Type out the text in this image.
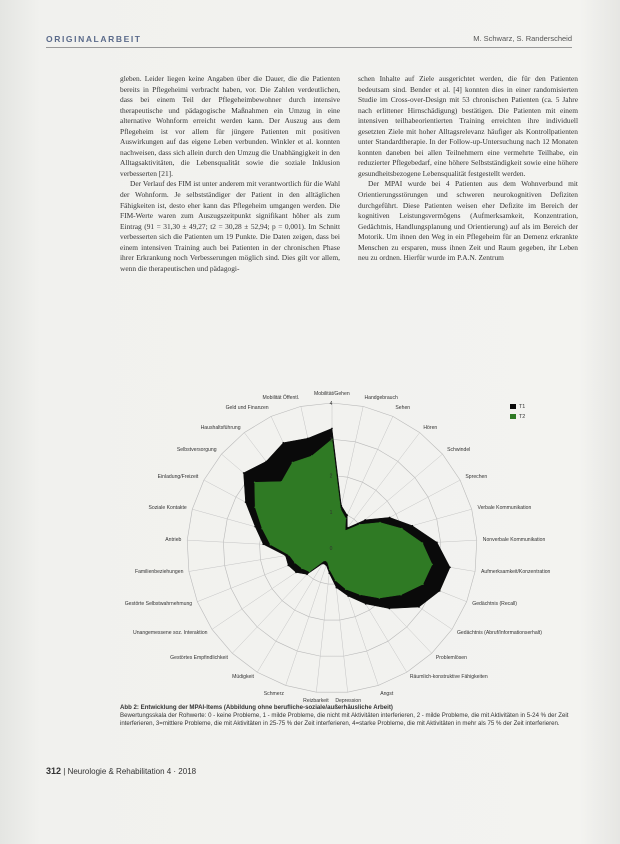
ORIGINALARBEIT	M. Schwarz, S. Randerscheid

gleben. Leider liegen keine Angaben über die Dauer, die die Patienten bereits in Pflegeheimi verbracht haben, vor. Die Zahlen verdeutlichen, dass bei einem Teil der Pflegeheimbewohner durch intensive therapeutische und pädagogische Maßnahmen ein Umzug in eine alternative Wohnform erreicht werden kann. Der Auszug aus dem Pflegeheim ist vor allem für jüngere Patienten mit positiven Auswirkungen auf das eigene Leben verbunden. Winkler et al. konnten nachweisen, dass sich allein durch den Umzug die Unabhängigkeit in den Alltagsaktivitäten, die Lebensqualität sowie die soziale Inklusion verbesserten [21].

Der Verlauf des FIM ist unter anderem mit verantwortlich für die Wahl der Wohnform. Je selbstständiger der Patient in den alltäglichen Fähigkeiten ist, desto eher kann das Pflegeheim umgangen werden. Die FIM-Werte waren zum Auszugszeitpunkt signifikant höher als zum Eintrag (91 = 31,30 ± 49,27; t2 = 30,28 ± 52,94; p = 0,001). Im Schnitt verbesserten sich die Patienten um 19 Punkte. Die Daten zeigen, dass bei einem intensiven Training auch bei Patienten in der chronischen Phase ihrer Erkrankung noch Verbesserungen möglich sind. Dies gilt vor allem, wenn die therapeutischen und pädagogi-

schen Inhalte auf Ziele ausgerichtet werden, die für den Patienten bedeutsam sind. Bender et al. [4] konnten dies in einer randomisierten Studie im Cross-over-Design mit 53 chronischen Patienten (ca. 5 Jahre nach erlittener Hirnschädigung) bestätigen. Die Patienten mit einem intensiven teilhabeorientierten Training erreichten ihre individuell gesetzten Ziele mit hoher Alltagsrelevanz häufiger als Kontrollpatienten unter Standardtherapie. In der Follow-up-Untersuchung nach 12 Monaten konnten daneben bei allen Teilnehmern eine vermehrte Teilhabe, ein reduzierter Pflegebedarf, eine höhere Selbstständigkeit sowie eine höhere gesundheitsbezogene Lebensqualität festgestellt werden.

Der MPAI wurde bei 4 Patienten aus dem Wohnverbund mit Orientierungsstörungen und schweren neurokognitiven Defiziten durchgeführt. Diese Patienten weisen eher Defizite im Bereich der kognitiven Leistungsvermögens (Aufmerksamkeit, Konzentration, Gedächtnis, Handlungsplanung und Orientierung) auf als im Bereich der Motorik. Um ihnen den Weg in ein Pflegeheim für an Demenz erkrankte Menschen zu ersparen, muss ihnen Zeit und Raum gegeben, ihr Leben neu zu ordnen. Hierfür wurde im P.A.N. Zentrum

4
3
2
1
0
T1
T2
Mobilität/Gehen
Handgebrauch
Sehen
Hören
Schwindel
Sprechen
Verbale Kommunikation
Nonverbale Kommunikation
Aufmerksamkeit/Konzentration
Gedächtnis (Recall)
Gedächtnis (Abruf/Informationserhalt)
Problemlösen
Räumlich-konstruktive Fähigkeiten
Angst
Depression
Reizbarkeit
Schmerz
Müdigkeit
Gestörtes Empfindlichkeit
Unangemessene soz. Interaktion
Gestörte Selbstwahrnehmung
Familienbeziehungen
Antrieb
Soziale Kontakte
Einladung/Freizeit
Selbstversorgung
Haushaltsführung
Geld und Finanzen
Mobilität Öffentl.
Abb 2: Entwicklung der MPAI-Items (Abbildung ohne berufliche-soziale/außerhäusliche Arbeit)
Bewertungsskala der Rohwerte: 0 - keine Probleme, 1 - milde Probleme, die nicht mit Aktivitäten interferieren, 2 - milde Probleme, die mit Aktivitäten in 5-24 % der Zeit interferieren, 3=mittlere Probleme, die mit Aktivitäten in 25-75 % der Zeit interferieren, 4=starke Probleme, die mit Aktivitäten in mehr als 75 % der Zeit interferieren.
312 | Neurologie & Rehabilitation 4 · 2018
